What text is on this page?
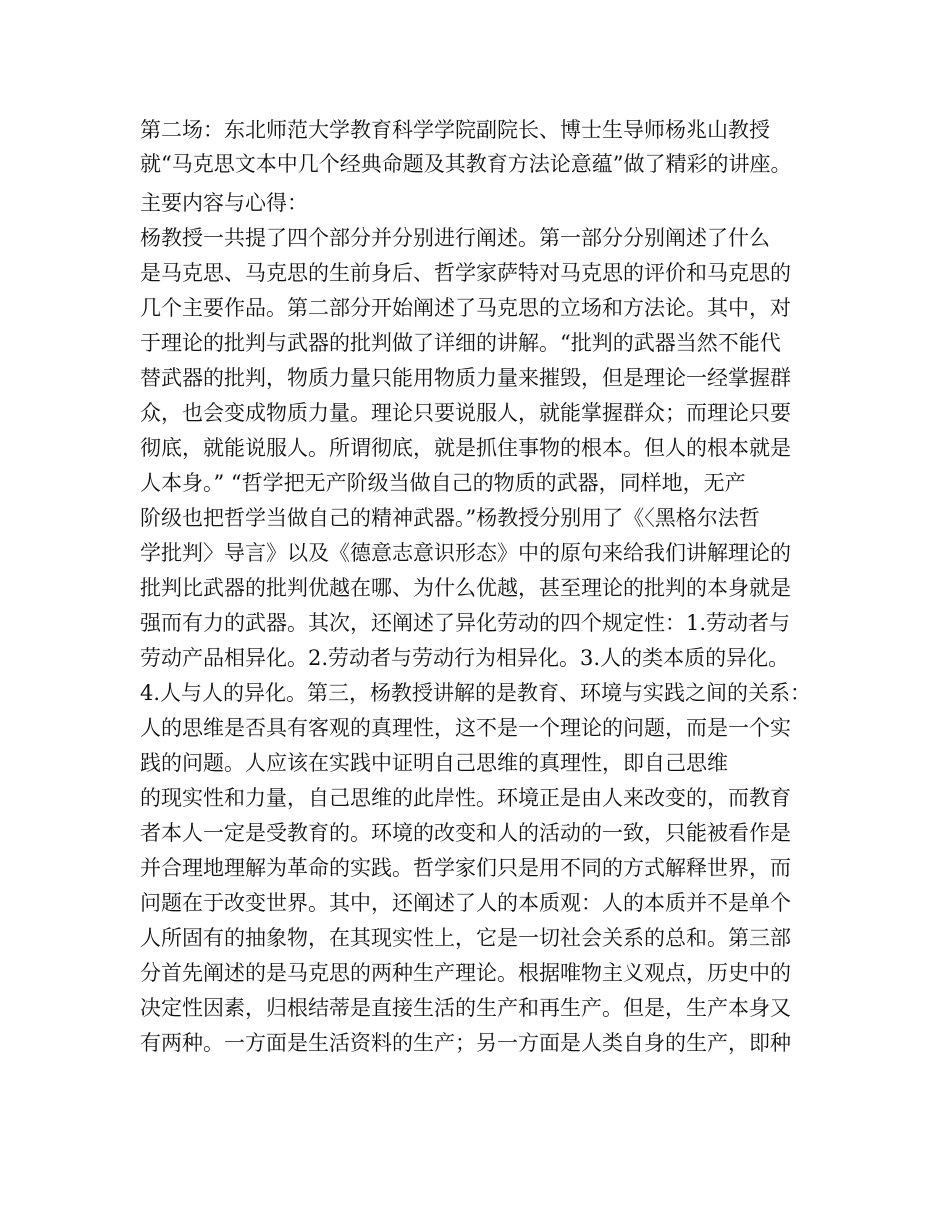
第二场：东北师范大学教育科学学院副院长、博士生导师杨兆山教授
就“马克思文本中几个经典命题及其教育方法论意蕴”做了精彩的讲座。
主要内容与心得：
杨教授一共提了四个部分并分别进行阐述。第一部分分别阐述了什么
是马克思、马克思的生前身后、哲学家萨特对马克思的评价和马克思的
几个主要作品。第二部分开始阐述了马克思的立场和方法论。其中，对
于理论的批判与武器的批判做了详细的讲解。“批判的武器当然不能代
替武器的批判，物质力量只能用物质力量来摧毁，但是理论一经掌握群
众，也会变成物质力量。理论只要说服人，就能掌握群众；而理论只要
彻底，就能说服人。所谓彻底，就是抓住事物的根本。但人的根本就是
人本身。” “哲学把无产阶级当做自己的物质的武器，同样地，无产
阶级也把哲学当做自己的精神武器。”杨教授分别用了《〈黑格尔法哲
学批判〉导言》以及《德意志意识形态》中的原句来给我们讲解理论的
批判比武器的批判优越在哪、为什么优越，甚至理论的批判的本身就是
强而有力的武器。其次，还阐述了异化劳动的四个规定性：1.劳动者与
劳动产品相异化。2.劳动者与劳动行为相异化。3.人的类本质的异化。
4.人与人的异化。第三，杨教授讲解的是教育、环境与实践之间的关系：
人的思维是否具有客观的真理性，这不是一个理论的问题，而是一个实
践的问题。人应该在实践中证明自己思维的真理性，即自己思维
的现实性和力量，自己思维的此岸性。环境正是由人来改变的，而教育
者本人一定是受教育的。环境的改变和人的活动的一致，只能被看作是
并合理地理解为革命的实践。哲学家们只是用不同的方式解释世界，而
问题在于改变世界。其中，还阐述了人的本质观：人的本质并不是单个
人所固有的抽象物，在其现实性上，它是一切社会关系的总和。第三部
分首先阐述的是马克思的两种生产理论。根据唯物主义观点，历史中的
决定性因素，归根结蒂是直接生活的生产和再生产。但是，生产本身又
有两种。一方面是生活资料的生产；另一方面是人类自身的生产，即种
